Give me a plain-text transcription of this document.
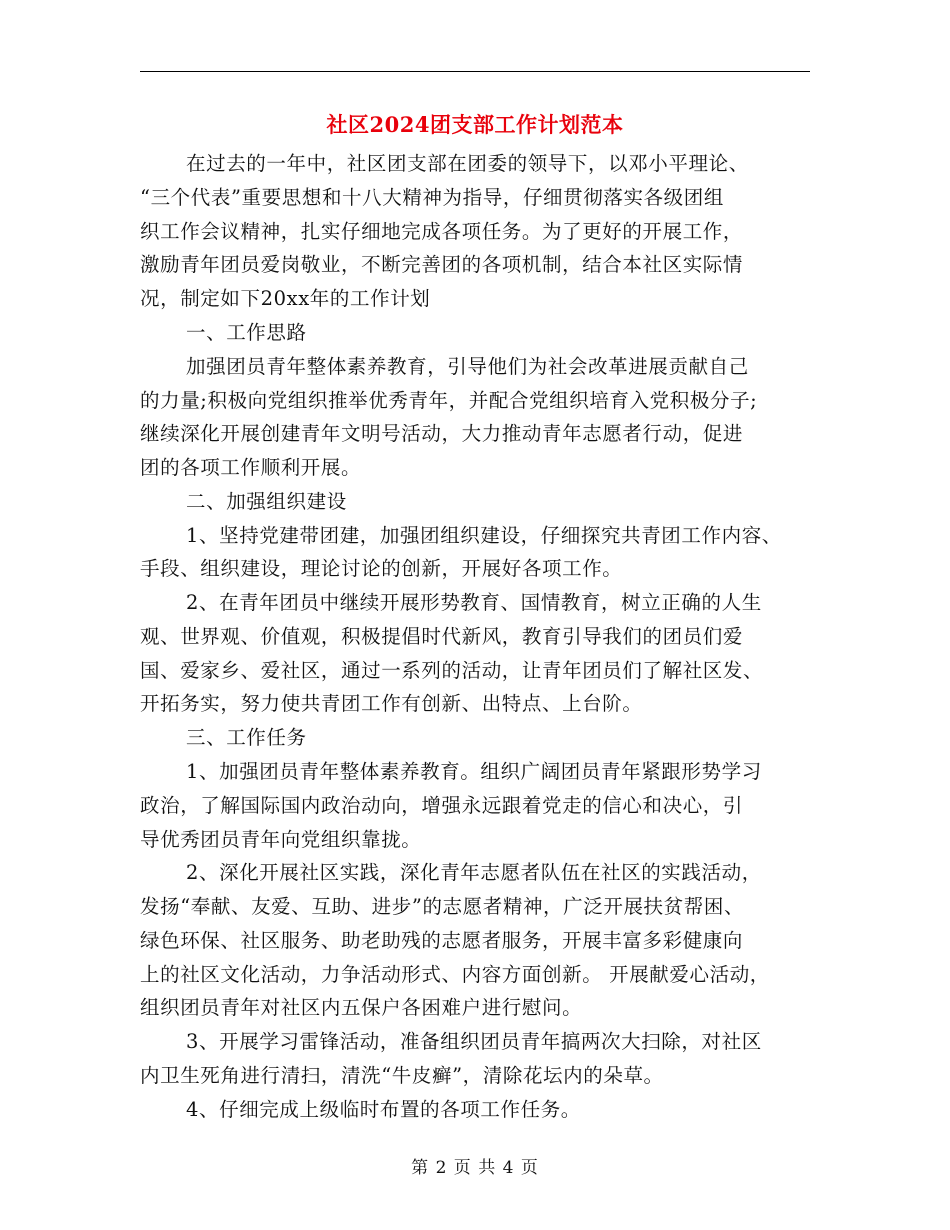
社区2024团支部工作计划范本
在过去的一年中，社区团支部在团委的领导下，以邓小平理论、
“三个代表”重要思想和十八大精神为指导，仔细贯彻落实各级团组
织工作会议精神，扎实仔细地完成各项任务。为了更好的开展工作，
激励青年团员爱岗敬业，不断完善团的各项机制，结合本社区实际情
况，制定如下20xx年的工作计划
一、工作思路
加强团员青年整体素养教育，引导他们为社会改革进展贡献自己
的力量;积极向党组织推举优秀青年，并配合党组织培育入党积极分子;
继续深化开展创建青年文明号活动，大力推动青年志愿者行动，促进
团的各项工作顺利开展。
二、加强组织建设
1、坚持党建带团建，加强团组织建设，仔细探究共青团工作内容、
手段、组织建设，理论讨论的创新，开展好各项工作。
2、在青年团员中继续开展形势教育、国情教育，树立正确的人生
观、世界观、价值观，积极提倡时代新风，教育引导我们的团员们爱
国、爱家乡、爱社区，通过一系列的活动，让青年团员们了解社区发、
开拓务实，努力使共青团工作有创新、出特点、上台阶。
三、工作任务
1、加强团员青年整体素养教育。组织广阔团员青年紧跟形势学习
政治，了解国际国内政治动向，增强永远跟着党走的信心和决心，引
导优秀团员青年向党组织靠拢。
2、深化开展社区实践，深化青年志愿者队伍在社区的实践活动，
发扬“奉献、友爱、互助、进步”的志愿者精神，广泛开展扶贫帮困、
绿色环保、社区服务、助老助残的志愿者服务，开展丰富多彩健康向
上的社区文化活动，力争活动形式、内容方面创新。 开展献爱心活动，
组织团员青年对社区内五保户各困难户进行慰问。
3、开展学习雷锋活动，准备组织团员青年搞两次大扫除，对社区
内卫生死角进行清扫，清洗“牛皮癣”，清除花坛内的朵草。
4、仔细完成上级临时布置的各项工作任务。
第 2 页 共 4 页
